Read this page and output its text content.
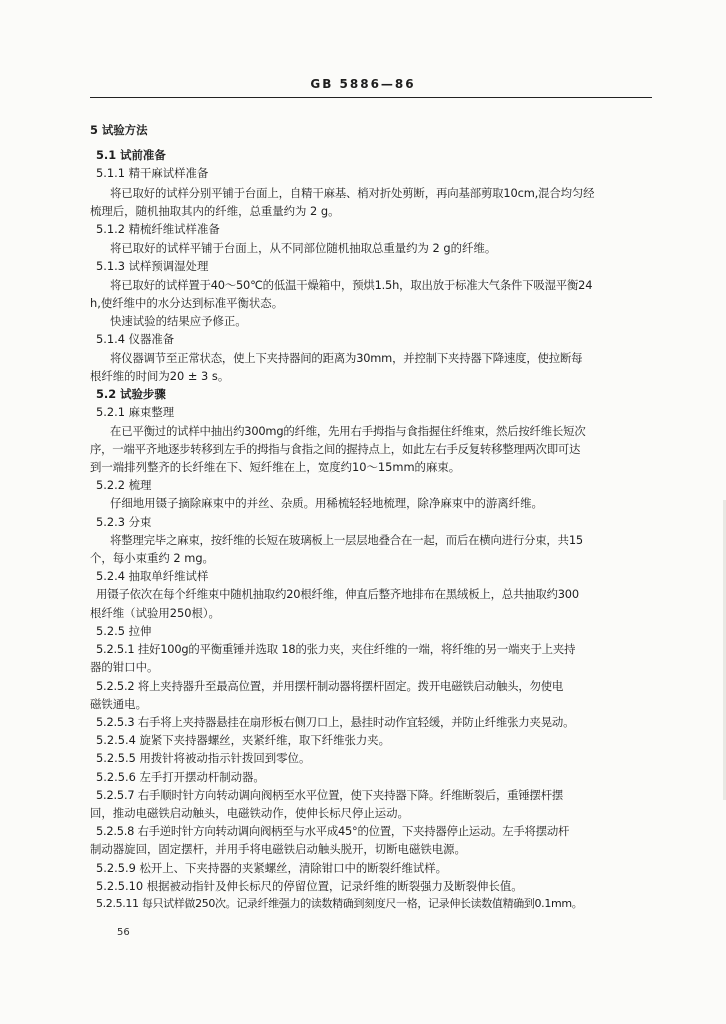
GB 5886—86
5 试验方法
5.1 试前准备
5.1.1 精干麻试样准备
将已取好的试样分别平铺于台面上，自精干麻基、梢对折处剪断，再向基部剪取10cm,混合均匀经
梳理后，随机抽取其内的纤维，总重量约为 2 g。
5.1.2 精梳纤维试样准备
将已取好的试样平铺于台面上，从不同部位随机抽取总重量约为 2 g的纤维。
5.1.3 试样预调湿处理
将已取好的试样置于40～50℃的低温干燥箱中，预烘1.5h，取出放于标准大气条件下吸湿平衡24
h,使纤维中的水分达到标准平衡状态。
快速试验的结果应予修正。
5.1.4 仪器准备
将仪器调节至正常状态，使上下夹持器间的距离为30mm，并控制下夹持器下降速度，使拉断每
根纤维的时间为20 ± 3 s。
5.2 试验步骤
5.2.1 麻束整理
在已平衡过的试样中抽出约300mg的纤维，先用右手拇指与食指握住纤维束，然后按纤维长短次
序，一端平齐地逐步转移到左手的拇指与食指之间的握持点上，如此左右手反复转移整理两次即可达
到一端排列整齐的长纤维在下、短纤维在上，宽度约10～15mm的麻束。
5.2.2 梳理
仔细地用镊子摘除麻束中的并丝、杂质。用稀梳轻轻地梳理，除净麻束中的游离纤维。
5.2.3 分束
将整理完毕之麻束，按纤维的长短在玻璃板上一层层地叠合在一起，而后在横向进行分束，共15
个，每小束重约 2 mg。
5.2.4 抽取单纤维试样
用镊子依次在每个纤维束中随机抽取约20根纤维，伸直后整齐地排布在黑绒板上，总共抽取约300
根纤维（试验用250根）。
5.2.5 拉伸
5.2.5.1 挂好100g的平衡重锤并选取 18的张力夹，夹住纤维的一端，将纤维的另一端夹于上夹持
器的钳口中。
5.2.5.2 将上夹持器升至最高位置，并用摆杆制动器将摆杆固定。拨开电磁铁启动触头，勿使电
磁铁通电。
5.2.5.3 右手将上夹持器悬挂在扇形板右侧刀口上，悬挂时动作宜轻缓，并防止纤维张力夹晃动。
5.2.5.4 旋紧下夹持器螺丝，夹紧纤维，取下纤维张力夹。
5.2.5.5 用拨针将被动指示针拨回到零位。
5.2.5.6 左手打开摆动杆制动器。
5.2.5.7 右手顺时针方向转动调向阀柄至水平位置，使下夹持器下降。纤维断裂后，重锤摆杆摆
回，推动电磁铁启动触头，电磁铁动作，使伸长标尺停止运动。
5.2.5.8 右手逆时针方向转动调向阀柄至与水平成45°的位置，下夹持器停止运动。左手将摆动杆
制动器旋回，固定摆杆，并用手将电磁铁启动触头脱开，切断电磁铁电源。
5.2.5.9 松开上、下夹持器的夹紧螺丝，清除钳口中的断裂纤维试样。
5.2.5.10 根据被动指针及伸长标尺的停留位置，记录纤维的断裂强力及断裂伸长值。
5.2.5.11 每只试样做250次。记录纤维强力的读数精确到刻度尺一格，记录伸长读数值精确到0.1mm。
56
